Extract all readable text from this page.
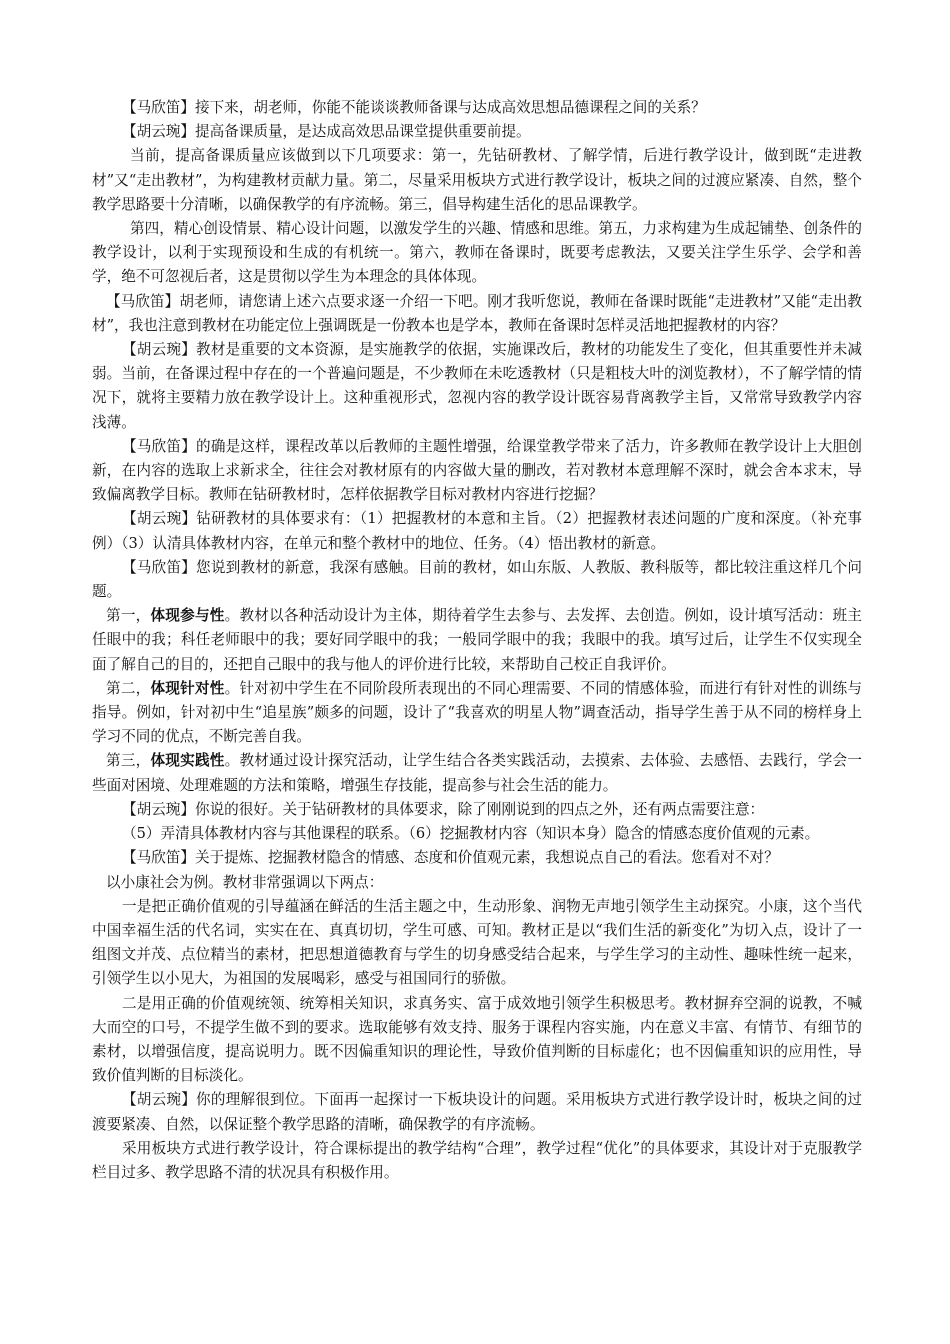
【马欣笛】接下来，胡老师，你能不能谈谈教师备课与达成高效思想品德课程之间的关系？

【胡云琬】提高备课质量，是达成高效思品课堂提供重要前提。

当前，提高备课质量应该做到以下几项要求：第一，先钻研教材、了解学情，后进行教学设计，做到既“走进教材”又“走出教材”，为构建教材贡献力量。第二，尽量采用板块方式进行教学设计，板块之间的过渡应紧凑、自然，整个教学思路要十分清晰，以确保教学的有序流畅。第三，倡导构建生活化的思品课教学。

第四，精心创设情景、精心设计问题，以激发学生的兴趣、情感和思维。第五，力求构建为生成起铺垫、创条件的教学设计，以利于实现预设和生成的有机统一。第六，教师在备课时，既要考虑教法，又要关注学生乐学、会学和善学，绝不可忽视后者，这是贯彻以学生为本理念的具体体现。

【马欣笛】胡老师，请您请上述六点要求逐一介绍一下吧。刚才我听您说，教师在备课时既能“走进教材”又能“走出教材”，我也注意到教材在功能定位上强调既是一份教本也是学本，教师在备课时怎样灵活地把握教材的内容？

【胡云琬】教材是重要的文本资源，是实施教学的依据，实施课改后，教材的功能发生了变化，但其重要性并未减弱。当前，在备课过程中存在的一个普遍问题是，不少教师在未吃透教材（只是粗枝大叶的浏览教材），不了解学情的情况下，就将主要精力放在教学设计上。这种重视形式，忽视内容的教学设计既容易背离教学主旨，又常常导致教学内容浅薄。

【马欣笛】的确是这样，课程改革以后教师的主题性增强，给课堂教学带来了活力，许多教师在教学设计上大胆创新，在内容的选取上求新求全，往往会对教材原有的内容做大量的删改，若对教材本意理解不深时，就会舍本求末，导致偏离教学目标。教师在钻研教材时，怎样依据教学目标对教材内容进行挖掘？

【胡云琬】钻研教材的具体要求有：（1）把握教材的本意和主旨。（2）把握教材表述问题的广度和深度。（补充事例）（3）认清具体教材内容，在单元和整个教材中的地位、任务。（4）悟出教材的新意。

【马欣笛】您说到教材的新意，我深有感触。目前的教材，如山东版、人教版、教科版等，都比较注重这样几个问题。

第一，体现参与性。教材以各种活动设计为主体，期待着学生去参与、去发挥、去创造。例如，设计填写活动：班主任眼中的我；科任老师眼中的我；要好同学眼中的我；一般同学眼中的我；我眼中的我。填写过后，让学生不仅实现全面了解自己的目的，还把自己眼中的我与他人的评价进行比较，来帮助自己校正自我评价。

第二，体现针对性。针对初中学生在不同阶段所表现出的不同心理需要、不同的情感体验，而进行有针对性的训练与指导。例如，针对初中生“追星族”颇多的问题，设计了“我喜欢的明星人物”调查活动，指导学生善于从不同的榜样身上学习不同的优点，不断完善自我。

第三，体现实践性。教材通过设计探究活动，让学生结合各类实践活动，去摸索、去体验、去感悟、去践行，学会一些面对困境、处理难题的方法和策略，增强生存技能，提高参与社会生活的能力。

【胡云琬】你说的很好。关于钻研教材的具体要求，除了刚刚说到的四点之外，还有两点需要注意：

（5）弄清具体教材内容与其他课程的联系。（6）挖掘教材内容（知识本身）隐含的情感态度价值观的元素。

【马欣笛】关于提炼、挖掘教材隐含的情感、态度和价值观元素，我想说点自己的看法。您看对不对？

以小康社会为例。教材非常强调以下两点：

一是把正确价值观的引导蕴涵在鲜活的生活主题之中，生动形象、润物无声地引领学生主动探究。小康，这个当代中国幸福生活的代名词，实实在在、真真切切，学生可感、可知。教材正是以“我们生活的新变化”为切入点，设计了一组图文并茂、点位精当的素材，把思想道德教育与学生的切身感受结合起来，与学生学习的主动性、趣味性统一起来，引领学生以小见大，为祖国的发展喝彩，感受与祖国同行的骄傲。

二是用正确的价值观统领、统筹相关知识，求真务实、富于成效地引领学生积极思考。教材摒弃空洞的说教，不喊大而空的口号，不提学生做不到的要求。选取能够有效支持、服务于课程内容实施，内在意义丰富、有情节、有细节的素材，以增强信度，提高说明力。既不因偏重知识的理论性，导致价值判断的目标虚化；也不因偏重知识的应用性，导致价值判断的目标淡化。

【胡云琬】你的理解很到位。下面再一起探讨一下板块设计的问题。采用板块方式进行教学设计时，板块之间的过渡要紧凑、自然，以保证整个教学思路的清晰，确保教学的有序流畅。

采用板块方式进行教学设计，符合课标提出的教学结构“合理”，教学过程“优化”的具体要求，其设计对于克服教学栏目过多、教学思路不清的状况具有积极作用。
